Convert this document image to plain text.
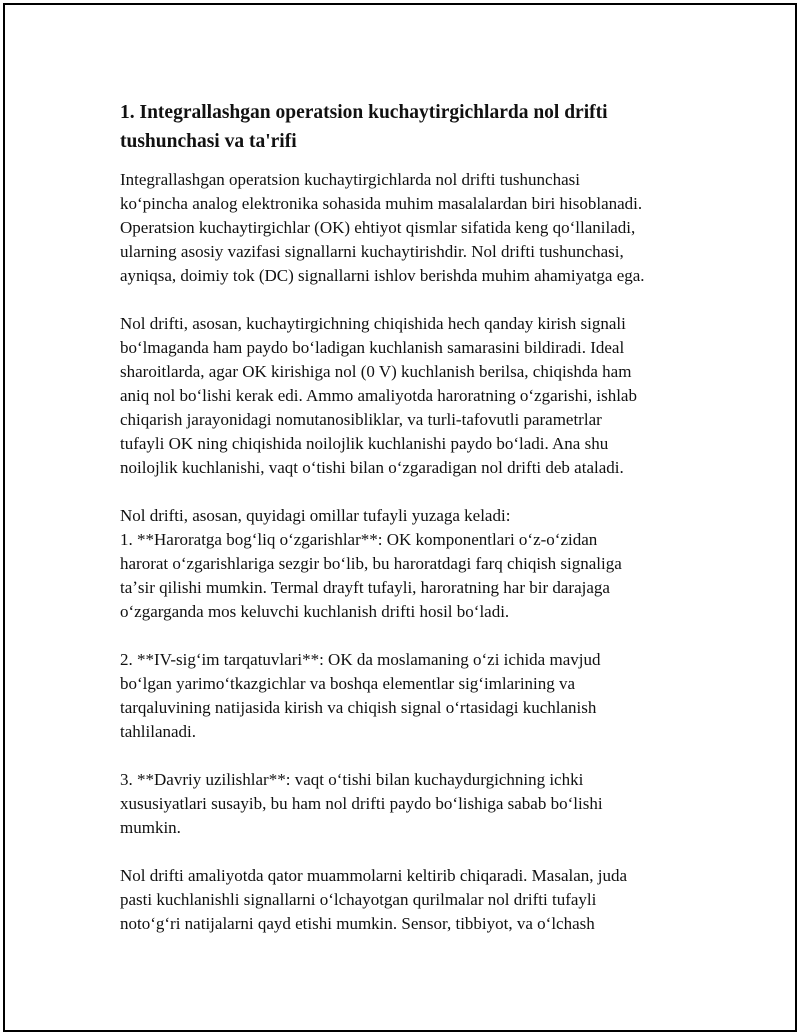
1. Integrallashgan operatsion kuchaytirgichlarda nol drifti
tushunchasi va ta'rifi

Integrallashgan operatsion kuchaytirgichlarda nol drifti tushunchasi
koʻpincha analog elektronika sohasida muhim masalalardan biri hisoblanadi.
Operatsion kuchaytirgichlar (OK) ehtiyot qismlar sifatida keng qoʻllaniladi,
ularning asosiy vazifasi signallarni kuchaytirishdir. Nol drifti tushunchasi,
ayniqsa, doimiy tok (DC) signallarni ishlov berishda muhim ahamiyatga ega.

Nol drifti, asosan, kuchaytirgichning chiqishida hech qanday kirish signali
boʻlmaganda ham paydo boʻladigan kuchlanish samarasini bildiradi. Ideal
sharoitlarda, agar OK kirishiga nol (0 V) kuchlanish berilsa, chiqishda ham
aniq nol boʻlishi kerak edi. Ammo amaliyotda haroratning oʻzgarishi, ishlab
chiqarish jarayonidagi nomutanosibliklar, va turli-tafovutli parametrlar
tufayli OK ning chiqishida noilojlik kuchlanishi paydo boʻladi. Ana shu
noilojlik kuchlanishi, vaqt oʻtishi bilan oʻzgaradigan nol drifti deb ataladi.

Nol drifti, asosan, quyidagi omillar tufayli yuzaga keladi:
1. **Haroratga bogʻliq oʻzgarishlar**: OK komponentlari oʻz-oʻzidan
harorat oʻzgarishlariga sezgir boʻlib, bu haroratdagi farq chiqish signaliga
taʼsir qilishi mumkin. Termal drayft tufayli, haroratning har bir darajaga
oʻzgarganda mos keluvchi kuchlanish drifti hosil boʻladi.

2. **IV-sigʻim tarqatuvlari**: OK da moslamaning oʻzi ichida mavjud
boʻlgan yarimoʻtkazgichlar va boshqa elementlar sigʻimlarining va
tarqaluvining natijasida kirish va chiqish signal oʻrtasidagi kuchlanish
tahlilanadi.

3. **Davriy uzilishlar**: vaqt oʻtishi bilan kuchaydurgichning ichki
xususiyatlari susayib, bu ham nol drifti paydo boʻlishiga sabab boʻlishi
mumkin.

Nol drifti amaliyotda qator muammolarni keltirib chiqaradi. Masalan, juda
pasti kuchlanishli signallarni oʻlchayotgan qurilmalar nol drifti tufayli
notoʻgʻri natijalarni qayd etishi mumkin. Sensor, tibbiyot, va oʻlchash
